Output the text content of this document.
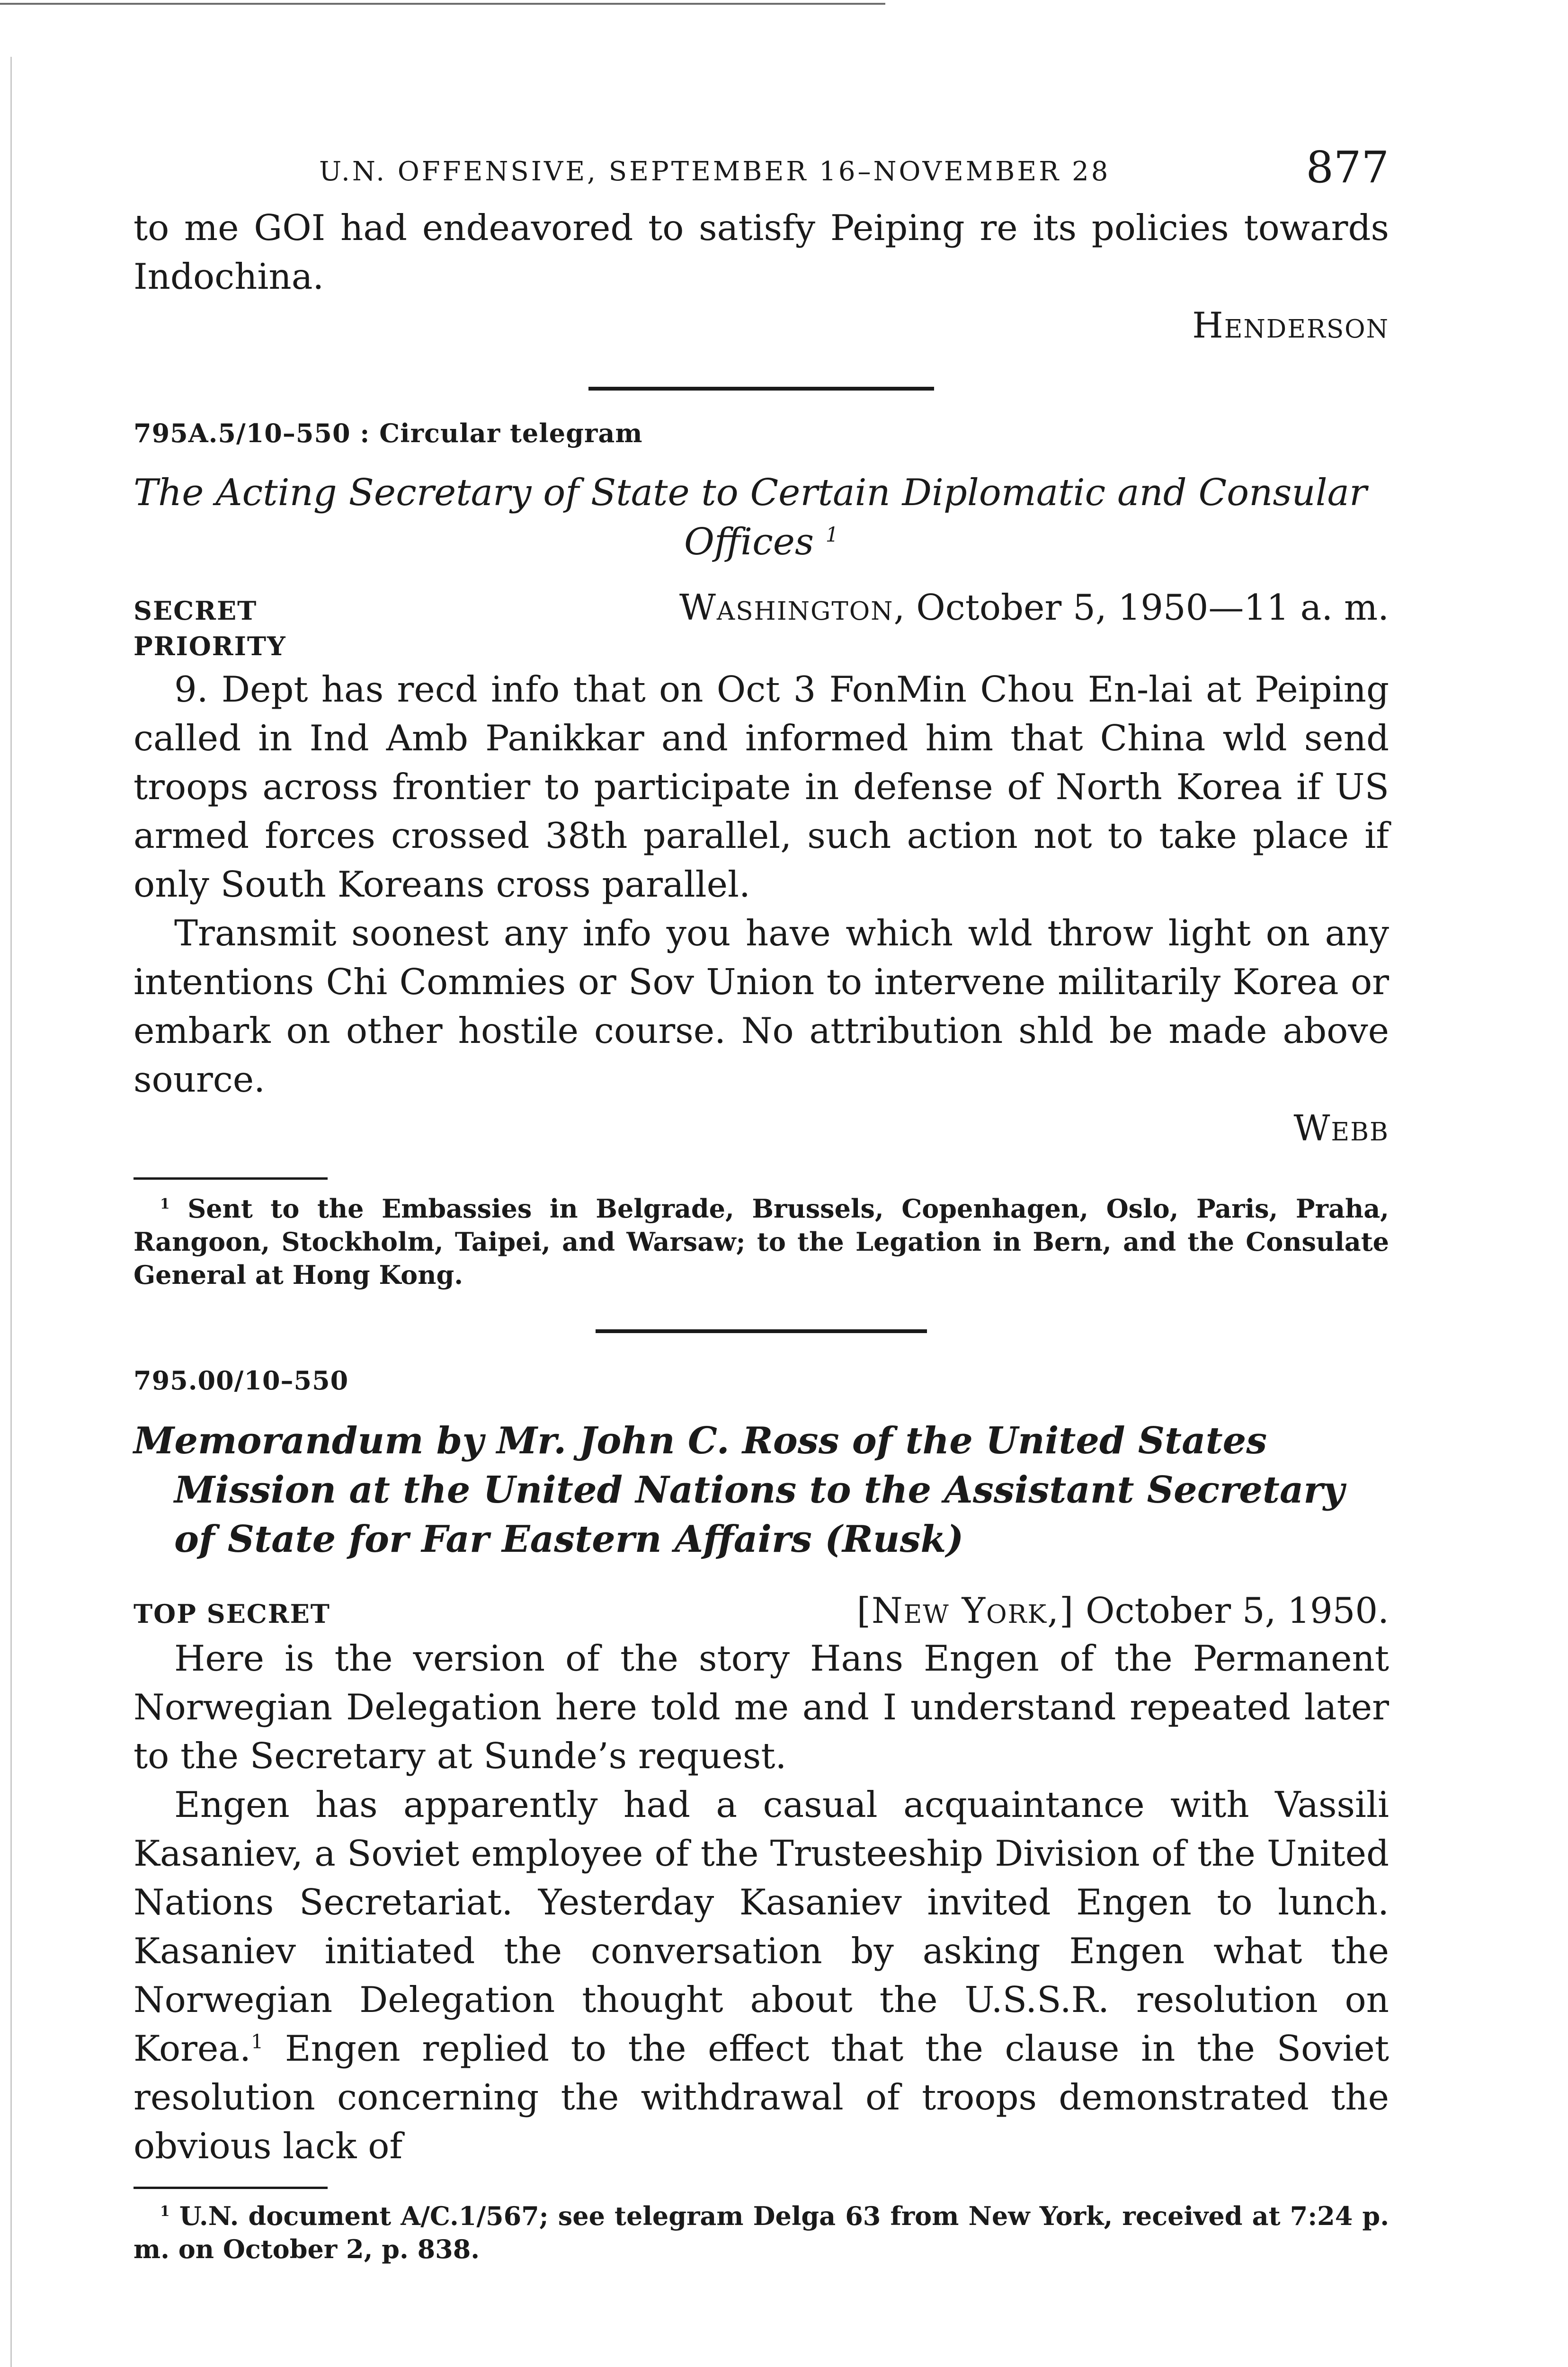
U.N. OFFENSIVE, SEPTEMBER 16–NOVEMBER 28	877

to me GOI had endeavored to satisfy Peiping re its policies towards Indochina.

Henderson

795A.5/10–550 : Circular telegram

The Acting Secretary of State to Certain Diplomatic and Consular

Offices $^1$

SECRET	Washington, October 5, 1950—11 a. m.

PRIORITY

9. Dept has recd info that on Oct 3 FonMin Chou En-lai at Peiping called in Ind Amb Panikkar and informed him that China wld send troops across frontier to participate in defense of North Korea if US armed forces crossed 38th parallel, such action not to take place if only South Koreans cross parallel.

Transmit soonest any info you have which wld throw light on any intentions Chi Commies or Sov Union to intervene militarily Korea or embark on other hostile course. No attribution shld be made above source.

Webb

$^1$ Sent to the Embassies in Belgrade, Brussels, Copenhagen, Oslo, Paris, Praha, Rangoon, Stockholm, Taipei, and Warsaw; to the Legation in Bern, and the Consulate General at Hong Kong.

795.00/10–550

Memorandum by Mr. John C. Ross of the United States Mission at the United Nations to the Assistant Secretary of State for Far Eastern Affairs (Rusk)

TOP SECRET	[New York,] October 5, 1950.

Here is the version of the story Hans Engen of the Permanent Norwegian Delegation here told me and I understand repeated later to the Secretary at Sunde’s request.

Engen has apparently had a casual acquaintance with Vassili Kasaniev, a Soviet employee of the Trusteeship Division of the United Nations Secretariat. Yesterday Kasaniev invited Engen to lunch. Kasaniev initiated the conversation by asking Engen what the Norwegian Delegation thought about the U.S.S.R. resolution on Korea.$^1$ Engen replied to the effect that the clause in the Soviet resolution concerning the withdrawal of troops demonstrated the obvious lack of

$^1$ U.N. document A/C.1/567; see telegram Delga 63 from New York, received at 7:24 p. m. on October 2, p. 838.
